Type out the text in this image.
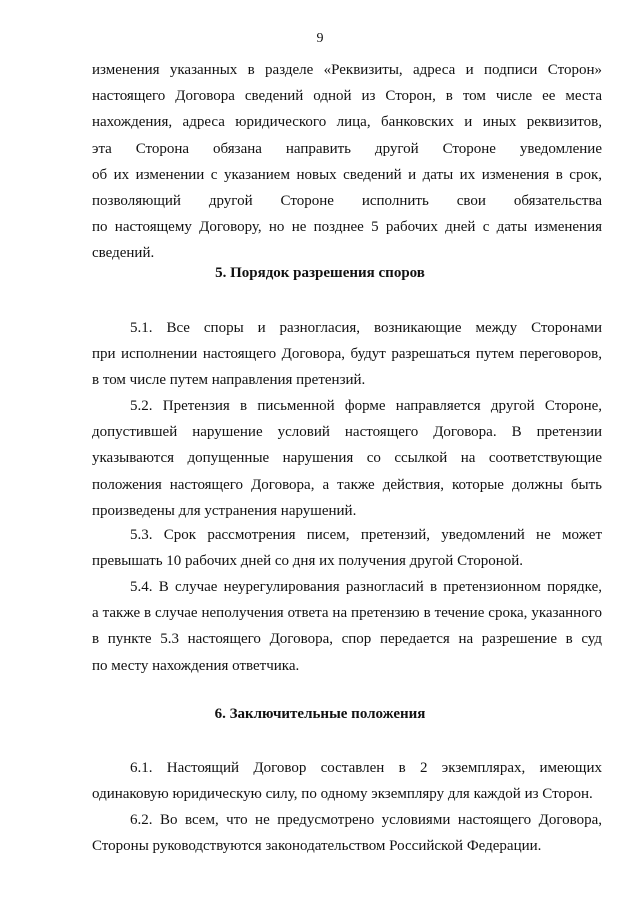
9
изменения указанных в разделе «Реквизиты, адреса и подписи Сторон»
настоящего Договора сведений одной из Сторон, в том числе ее места
нахождения, адреса юридического лица, банковских и иных реквизитов,
эта Сторона обязана направить другой Стороне уведомление
об их изменении с указанием новых сведений и даты их изменения в срок,
позволяющий другой Стороне исполнить свои обязательства
по настоящему Договору, но не позднее 5 рабочих дней с даты изменения
сведений.
5. Порядок разрешения споров
5.1. Все споры и разногласия, возникающие между Сторонами
при исполнении настоящего Договора, будут разрешаться путем переговоров,
в том числе путем направления претензий.
5.2. Претензия в письменной форме направляется другой Стороне,
допустившей нарушение условий настоящего Договора. В претензии
указываются допущенные нарушения со ссылкой на соответствующие
положения настоящего Договора, а также действия, которые должны быть
произведены для устранения нарушений.
5.3. Срок рассмотрения писем, претензий, уведомлений не может
превышать 10 рабочих дней со дня их получения другой Стороной.
5.4. В случае неурегулирования разногласий в претензионном порядке,
а также в случае неполучения ответа на претензию в течение срока, указанного
в пункте 5.3 настоящего Договора, спор передается на разрешение в суд
по месту нахождения ответчика.
6. Заключительные положения
6.1. Настоящий Договор составлен в 2 экземплярах, имеющих
одинаковую юридическую силу, по одному экземпляру для каждой из Сторон.
6.2. Во всем, что не предусмотрено условиями настоящего Договора,
Стороны руководствуются законодательством Российской Федерации.
